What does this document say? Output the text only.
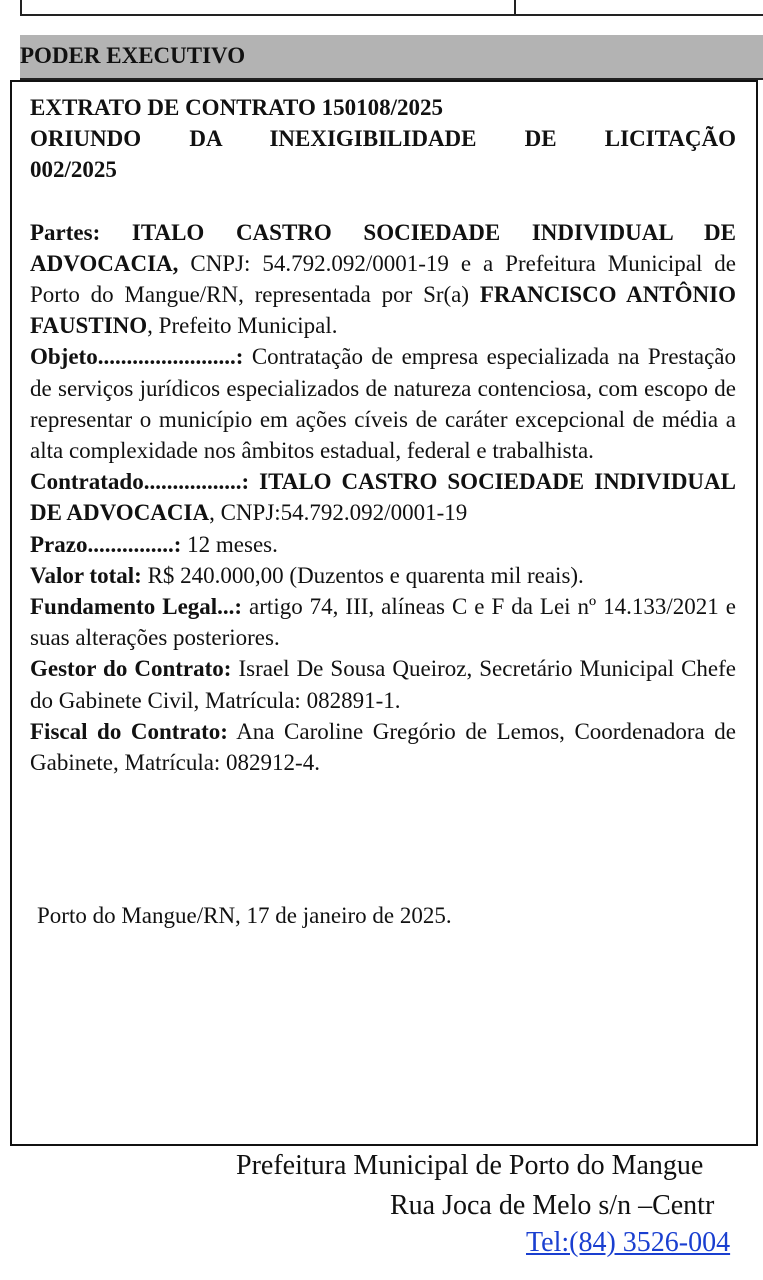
PODER EXECUTIVO

EXTRATO DE CONTRATO 150108/2025

ORIUNDO DA INEXIGIBILIDADE DE LICITAÇÃO

002/2025

Partes: ITALO CASTRO SOCIEDADE INDIVIDUAL DE ADVOCACIA, CNPJ: 54.792.092/0001-19 e a Prefeitura Municipal de Porto do Mangue/RN, representada por Sr(a) FRANCISCO ANTÔNIO FAUSTINO, Prefeito Municipal.

Objeto........................: Contratação de empresa especializada na Prestação de serviços jurídicos especializados de natureza contenciosa, com escopo de representar o município em ações cíveis de caráter excepcional de média a alta complexidade nos âmbitos estadual, federal e trabalhista.

Contratado.................: ITALO CASTRO SOCIEDADE INDIVIDUAL DE ADVOCACIA, CNPJ:54.792.092/0001-19

Prazo...............: 12 meses.

Valor total: R$ 240.000,00 (Duzentos e quarenta mil reais).

Fundamento Legal...: artigo 74, III, alíneas C e F da Lei nº 14.133/2021 e suas alterações posteriores.

Gestor do Contrato: Israel De Sousa Queiroz, Secretário Municipal Chefe do Gabinete Civil, Matrícula: 082891-1.

Fiscal do Contrato: Ana Caroline Gregório de Lemos, Coordenadora de Gabinete, Matrícula: 082912-4.

Porto do Mangue/RN, 17 de janeiro de 2025.
Prefeitura Municipal de Porto do Mangue
Rua Joca de Melo s/n –Centr
Tel:(84) 3526-004
